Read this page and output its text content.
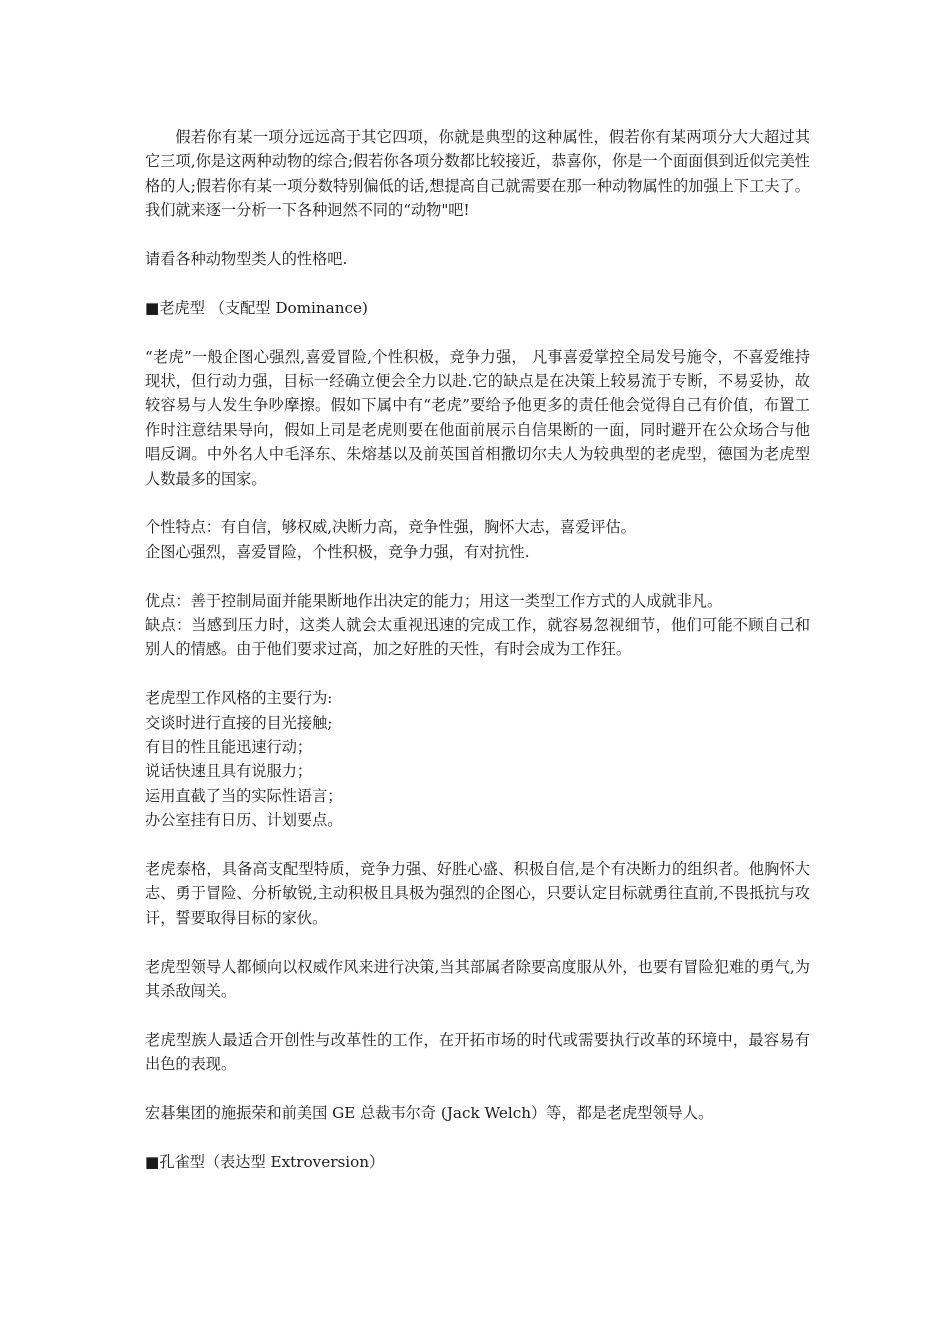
假若你有某一项分远远高于其它四项，你就是典型的这种属性，假若你有某两项分大大超过其它三项,你是这两种动物的综合;假若你各项分数都比较接近，恭喜你，你是一个面面俱到近似完美性格的人;假若你有某一项分数特别偏低的话,想提高自己就需要在那一种动物属性的加强上下工夫了。我们就来逐一分析一下各种迥然不同的“动物"吧!

请看各种动物型类人的性格吧.

■老虎型 （支配型 Dominance)

“老虎”一般企图心强烈,喜爱冒险,个性积极，竞争力强， 凡事喜爱掌控全局发号施令，不喜爱维持现状，但行动力强，目标一经确立便会全力以赴.它的缺点是在决策上较易流于专断，不易妥协，故较容易与人发生争吵摩擦。假如下属中有“老虎”要给予他更多的责任他会觉得自己有价值，布置工作时注意结果导向，假如上司是老虎则要在他面前展示自信果断的一面，同时避开在公众场合与他唱反调。中外名人中毛泽东、朱熔基以及前英国首相撒切尔夫人为较典型的老虎型，德国为老虎型人数最多的国家。

个性特点：有自信，够权威,决断力高，竞争性强，胸怀大志，喜爱评估。
企图心强烈，喜爱冒险，个性积极，竞争力强，有对抗性.

优点：善于控制局面并能果断地作出决定的能力；用这一类型工作方式的人成就非凡。
缺点：当感到压力时，这类人就会太重视迅速的完成工作，就容易忽视细节，他们可能不顾自己和别人的情感。由于他们要求过高，加之好胜的天性，有时会成为工作狂。

老虎型工作风格的主要行为:
交谈时进行直接的目光接触;
有目的性且能迅速行动；
说话快速且具有说服力；
运用直截了当的实际性语言；
办公室挂有日历、计划要点。

老虎泰格，具备高支配型特质，竞争力强、好胜心盛、积极自信,是个有决断力的组织者。他胸怀大志、勇于冒险、分析敏锐,主动积极且具极为强烈的企图心，只要认定目标就勇往直前,不畏抵抗与攻讦，誓要取得目标的家伙。

老虎型领导人都倾向以权威作风来进行决策,当其部属者除要高度服从外，也要有冒险犯难的勇气,为其杀敌闯关。

老虎型族人最适合开创性与改革性的工作，在开拓市场的时代或需要执行改革的环境中，最容易有出色的表现。

宏碁集团的施振荣和前美国 GE 总裁韦尔奇 (Jack Welch）等，都是老虎型领导人。

■孔雀型（表达型 Extroversion）
